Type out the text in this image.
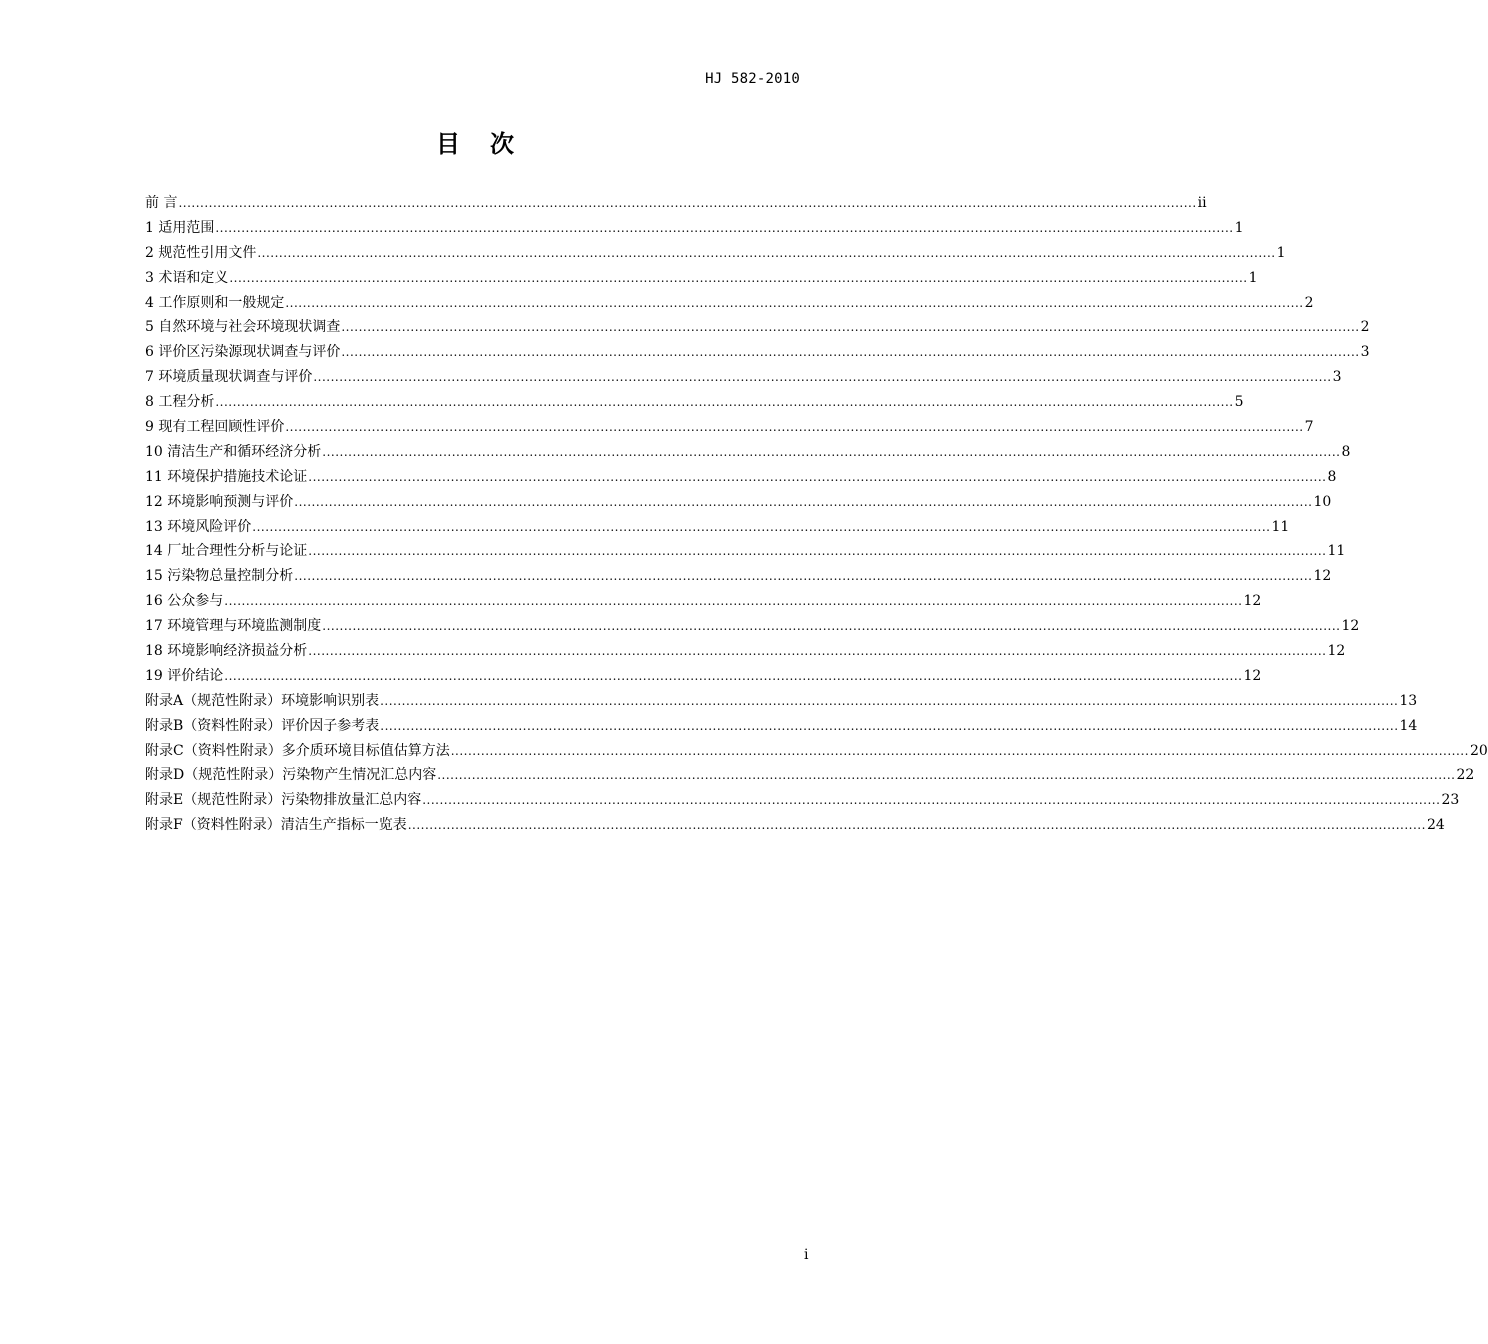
HJ 582-2010
目次
前 言 ............................................................................................................................................................................................................................................ ii
1 适用范围 ............................................................................................................................................................................................................................................ 1
2 规范性引用文件 ............................................................................................................................................................................................................................................ 1
3 术语和定义 ............................................................................................................................................................................................................................................ 1
4 工作原则和一般规定 ............................................................................................................................................................................................................................................ 2
5 自然环境与社会环境现状调查 ............................................................................................................................................................................................................................................ 2
6 评价区污染源现状调查与评价 ............................................................................................................................................................................................................................................ 3
7 环境质量现状调查与评价 ............................................................................................................................................................................................................................................ 3
8 工程分析 ............................................................................................................................................................................................................................................ 5
9 现有工程回顾性评价 ............................................................................................................................................................................................................................................ 7
10 清洁生产和循环经济分析 ............................................................................................................................................................................................................................................ 8
11 环境保护措施技术论证 ............................................................................................................................................................................................................................................ 8
12 环境影响预测与评价 ............................................................................................................................................................................................................................................ 10
13 环境风险评价 ............................................................................................................................................................................................................................................ 11
14 厂址合理性分析与论证 ............................................................................................................................................................................................................................................ 11
15 污染物总量控制分析 ............................................................................................................................................................................................................................................ 12
16 公众参与 ............................................................................................................................................................................................................................................ 12
17 环境管理与环境监测制度 ............................................................................................................................................................................................................................................ 12
18 环境影响经济损益分析 ............................................................................................................................................................................................................................................ 12
19 评价结论 ............................................................................................................................................................................................................................................ 12
附录A（规范性附录）环境影响识别表 ............................................................................................................................................................................................................................................ 13
附录B（资料性附录）评价因子参考表 ............................................................................................................................................................................................................................................ 14
附录C（资料性附录）多介质环境目标值估算方法 ............................................................................................................................................................................................................................................ 20
附录D（规范性附录）污染物产生情况汇总内容 ............................................................................................................................................................................................................................................ 22
附录E（规范性附录）污染物排放量汇总内容 ............................................................................................................................................................................................................................................ 23
附录F（资料性附录）清洁生产指标一览表 ............................................................................................................................................................................................................................................ 24
i
